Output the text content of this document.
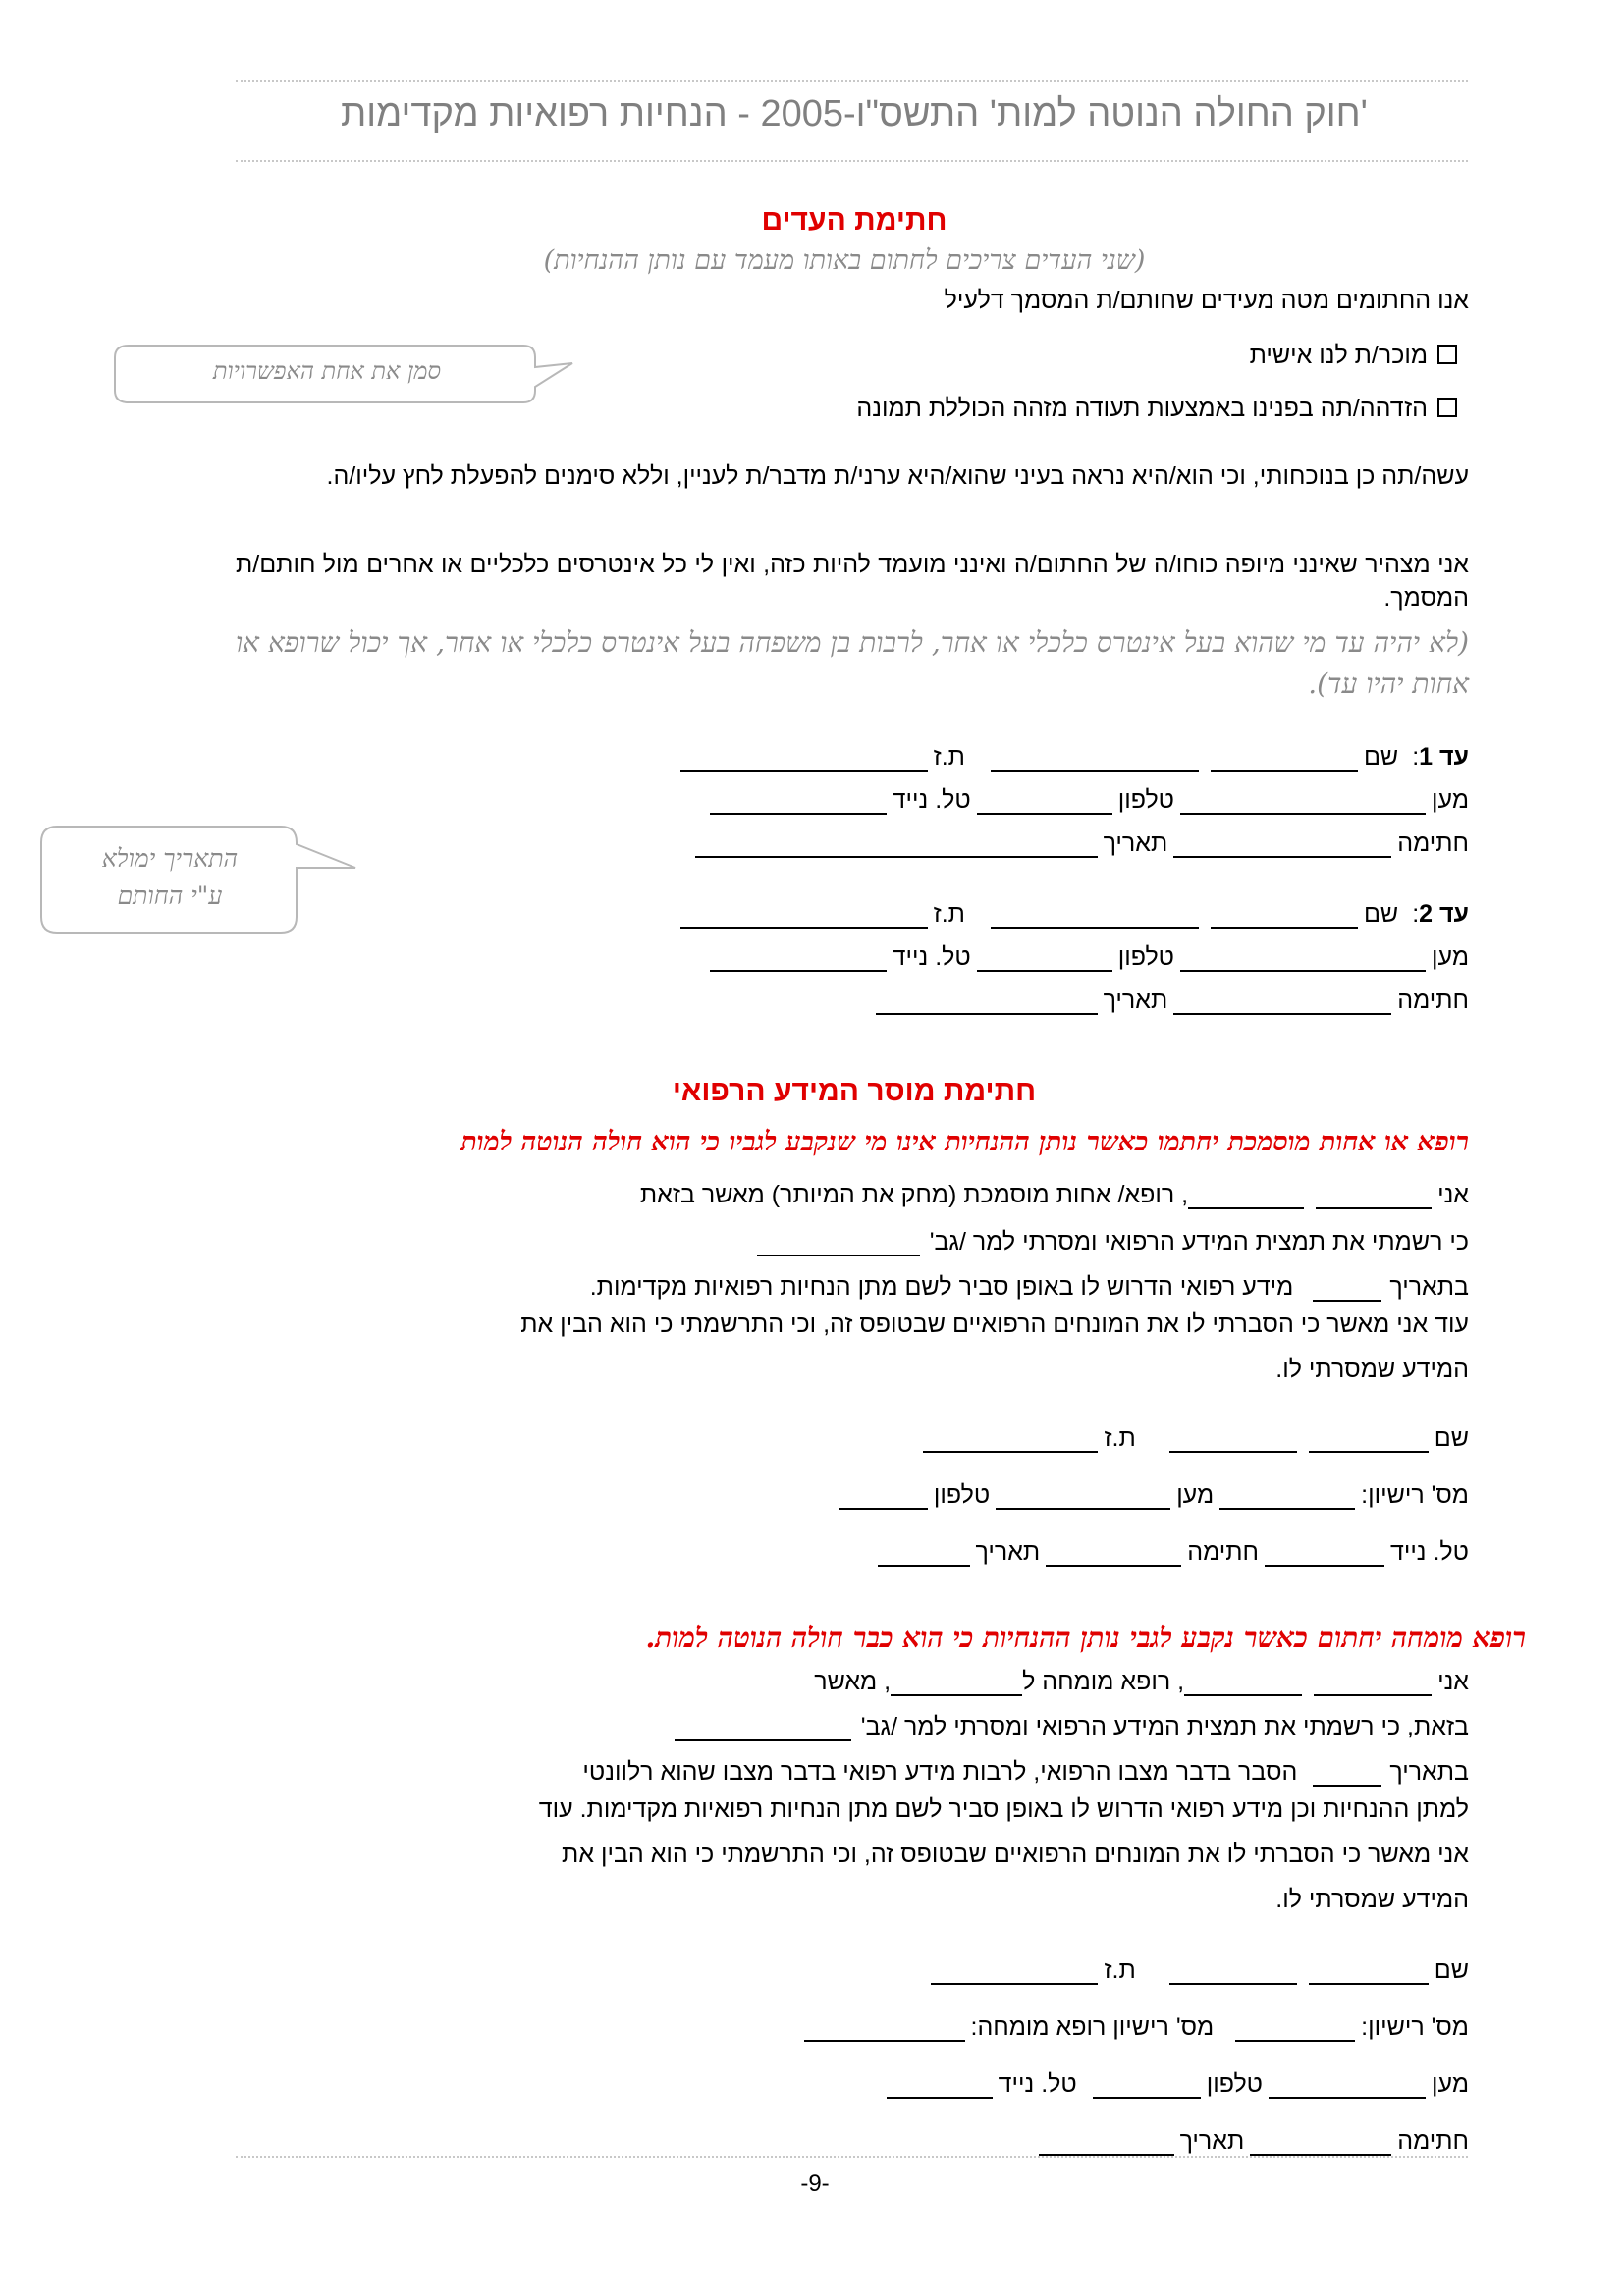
'חוק החולה הנוטה למות' התשס"ו-2005 - הנחיות רפואיות מקדימות
חתימת העדים
(שני העדים צריכים לחתום באותו מעמד עם נותן ההנחיות)
אנו החתומים מטה מעידים שחותם/ת המסמך דלעיל
מוכר/ת לנו אישית
הזדהה/תה בפנינו באמצעות תעודה מזהה הכוללת תמונה
סמן את אחת האפשרויות
עשה/תה כן בנוכחותי, וכי הוא/היא נראה בעיני שהוא/היא ערני/ת מדבר/ת לעניין, וללא סימנים להפעלת לחץ עליו/ה.
אני מצהיר שאינני מיופה כוחו/ה של החתום/ה ואינני מועמד להיות כזה, ואין לי כל אינטרסים כלכליים או אחרים מול חותם/ת המסמך.
(לא יהיה עד מי שהוא בעל אינטרס כלכלי או אחר, לרבות בן משפחה בעל אינטרס כלכלי או אחר, אך יכול שרופא או אחות יהיו עד).
עד 1
:
שם
ת.ז
מען
טלפון
טל. נייד
חתימה
תאריך
עד 2
:
שם
ת.ז
מען
טלפון
טל. נייד
חתימה
תאריך
התאריך ימולא
ע"י החותם
חתימת מוסר המידע הרפואי
רופא או אחות מוסמכת יחתמו כאשר נותן ההנחיות אינו מי שנקבע לגביו כי הוא חולה הנוטה למות
אני
, רופא/ אחות מוסמכת (מחק את המיותר) מאשר בזאת
כי רשמתי את תמצית המידע הרפואי ומסרתי למר /גב'
בתאריך
מידע רפואי הדרוש לו באופן סביר לשם מתן הנחיות רפואיות מקדימות.
עוד אני מאשר כי הסברתי לו את המונחים הרפואיים שבטופס זה, וכי התרשמתי כי הוא הבין את
המידע שמסרתי לו.
שם
ת.ז
מס' רישיון:
מען
טלפון
טל. נייד
חתימה
תאריך
רופא מומחה יחתום כאשר נקבע לגבי נותן ההנחיות כי הוא כבר חולה הנוטה למות.
אני
, רופא מומחה ל
, מאשר
בזאת, כי רשמתי את תמצית המידע הרפואי ומסרתי למר /גב'
בתאריך
הסבר בדבר מצבו הרפואי, לרבות מידע רפואי בדבר מצבו שהוא רלוונטי
למתן ההנחיות וכן מידע רפואי הדרוש לו באופן סביר לשם מתן הנחיות רפואיות מקדימות. עוד
אני מאשר כי הסברתי לו את המונחים הרפואיים שבטופס זה, וכי התרשמתי כי הוא הבין את
המידע שמסרתי לו.
שם
ת.ז
מס' רישיון:
מס' רישיון רופא מומחה:
מען
טלפון
טל. נייד
חתימה
תאריך
-9-
